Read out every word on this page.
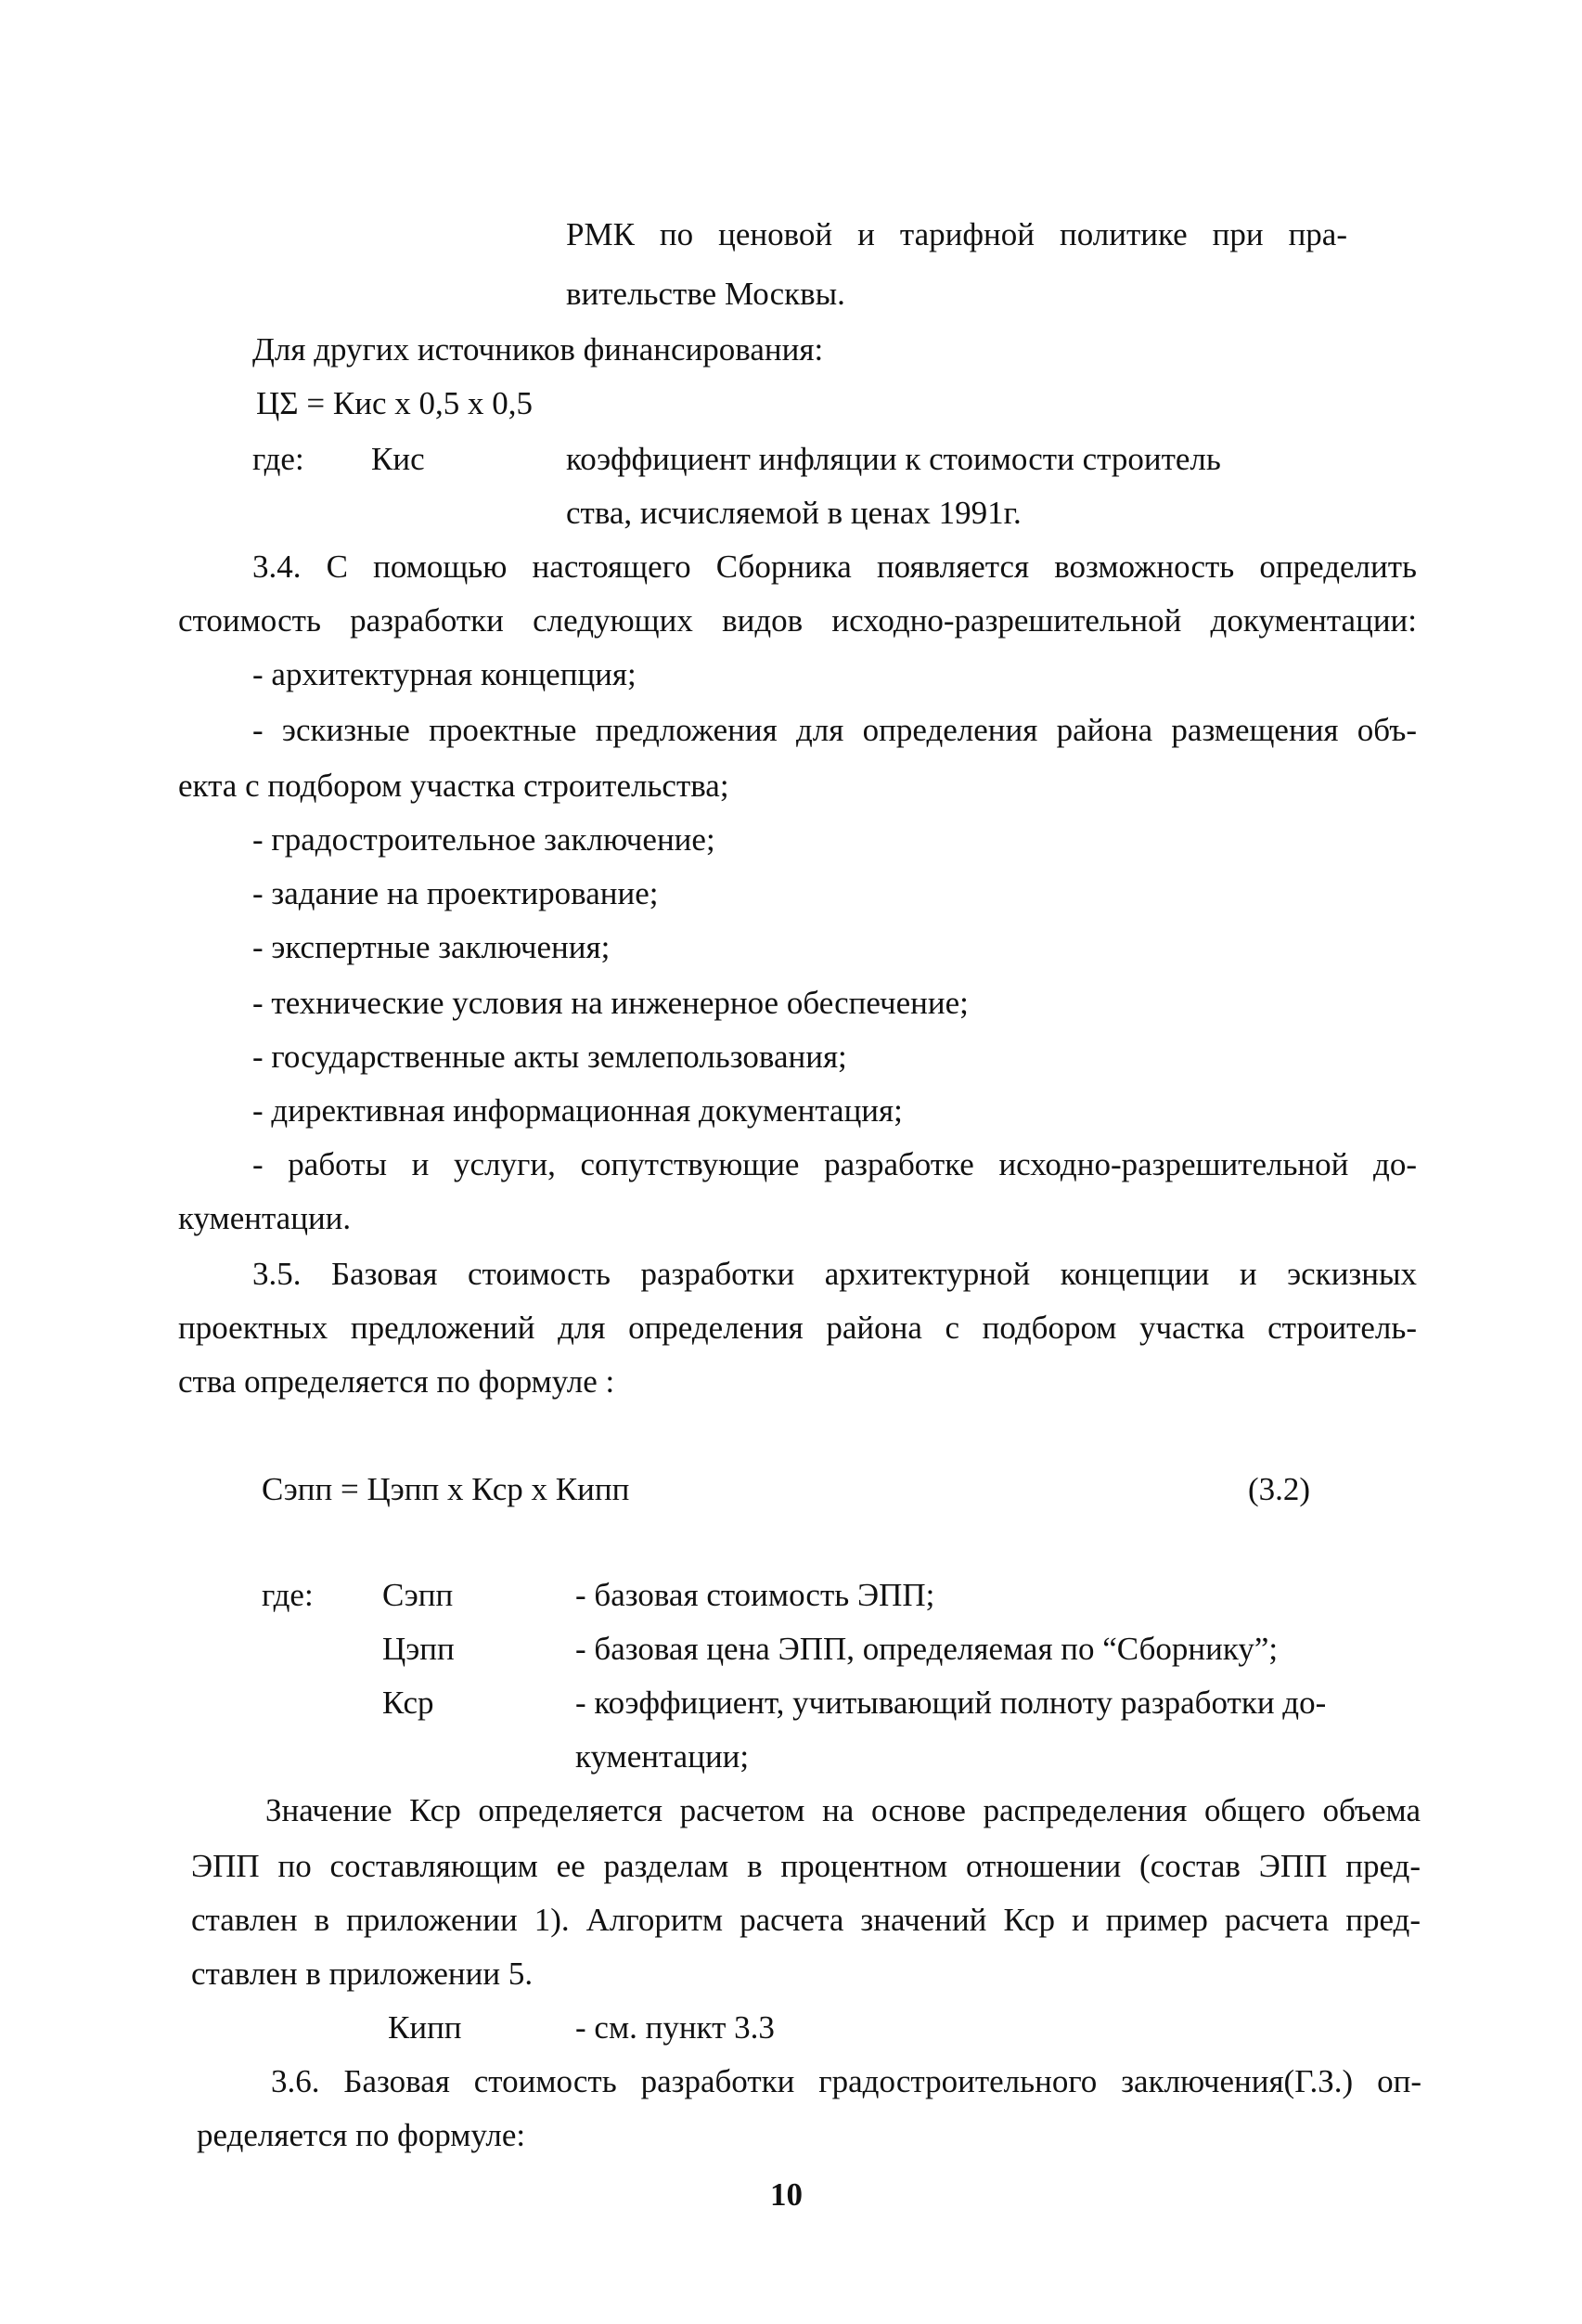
РМК по ценовой и тарифной политике при пра-
вительстве Москвы.
Для других источников финансирования:
ЦΣ = Кис х 0,5 х 0,5
где: Кис	коэффициент инфляции к стоимости строитель
ства, исчисляемой в ценах 1991г.
3.4. С помощью настоящего Сборника появляется возможность определить
стоимость разработки следующих видов исходно-разрешительной документации:
- архитектурная концепция;
- эскизные проектные предложения для определения района размещения объ-
екта с подбором участка строительства;
- градостроительное заключение;
- задание на проектирование;
- экспертные заключения;
- технические условия на инженерное обеспечение;
- государственные акты землепользования;
- директивная информационная документация;
- работы и услуги, сопутствующие разработке исходно-разрешительной до-
кументации.
3.5. Базовая стоимость разработки архитектурной концепции и эскизных
проектных предложений для определения района с подбором участка строитель-
ства определяется по формуле :
Сэпп = Цэпп х Кср х Кипп	(3.2)
где: Сэпп	- базовая стоимость ЭПП;
Цэпп	- базовая цена ЭПП, определяемая по “Сборнику”;
Кср	- коэффициент, учитывающий полноту разработки до-
кументации;
Значение Кср определяется расчетом на основе распределения общего объема
ЭПП по составляющим ее разделам в процентном отношении (состав ЭПП пред-
ставлен в приложении 1). Алгоритм расчета значений Кср и пример расчета пред-
ставлен в приложении 5.
Кипп	- см. пункт 3.3
3.6. Базовая стоимость разработки градостроительного заключения(Г.З.) оп-
ределяется по формуле:
10
